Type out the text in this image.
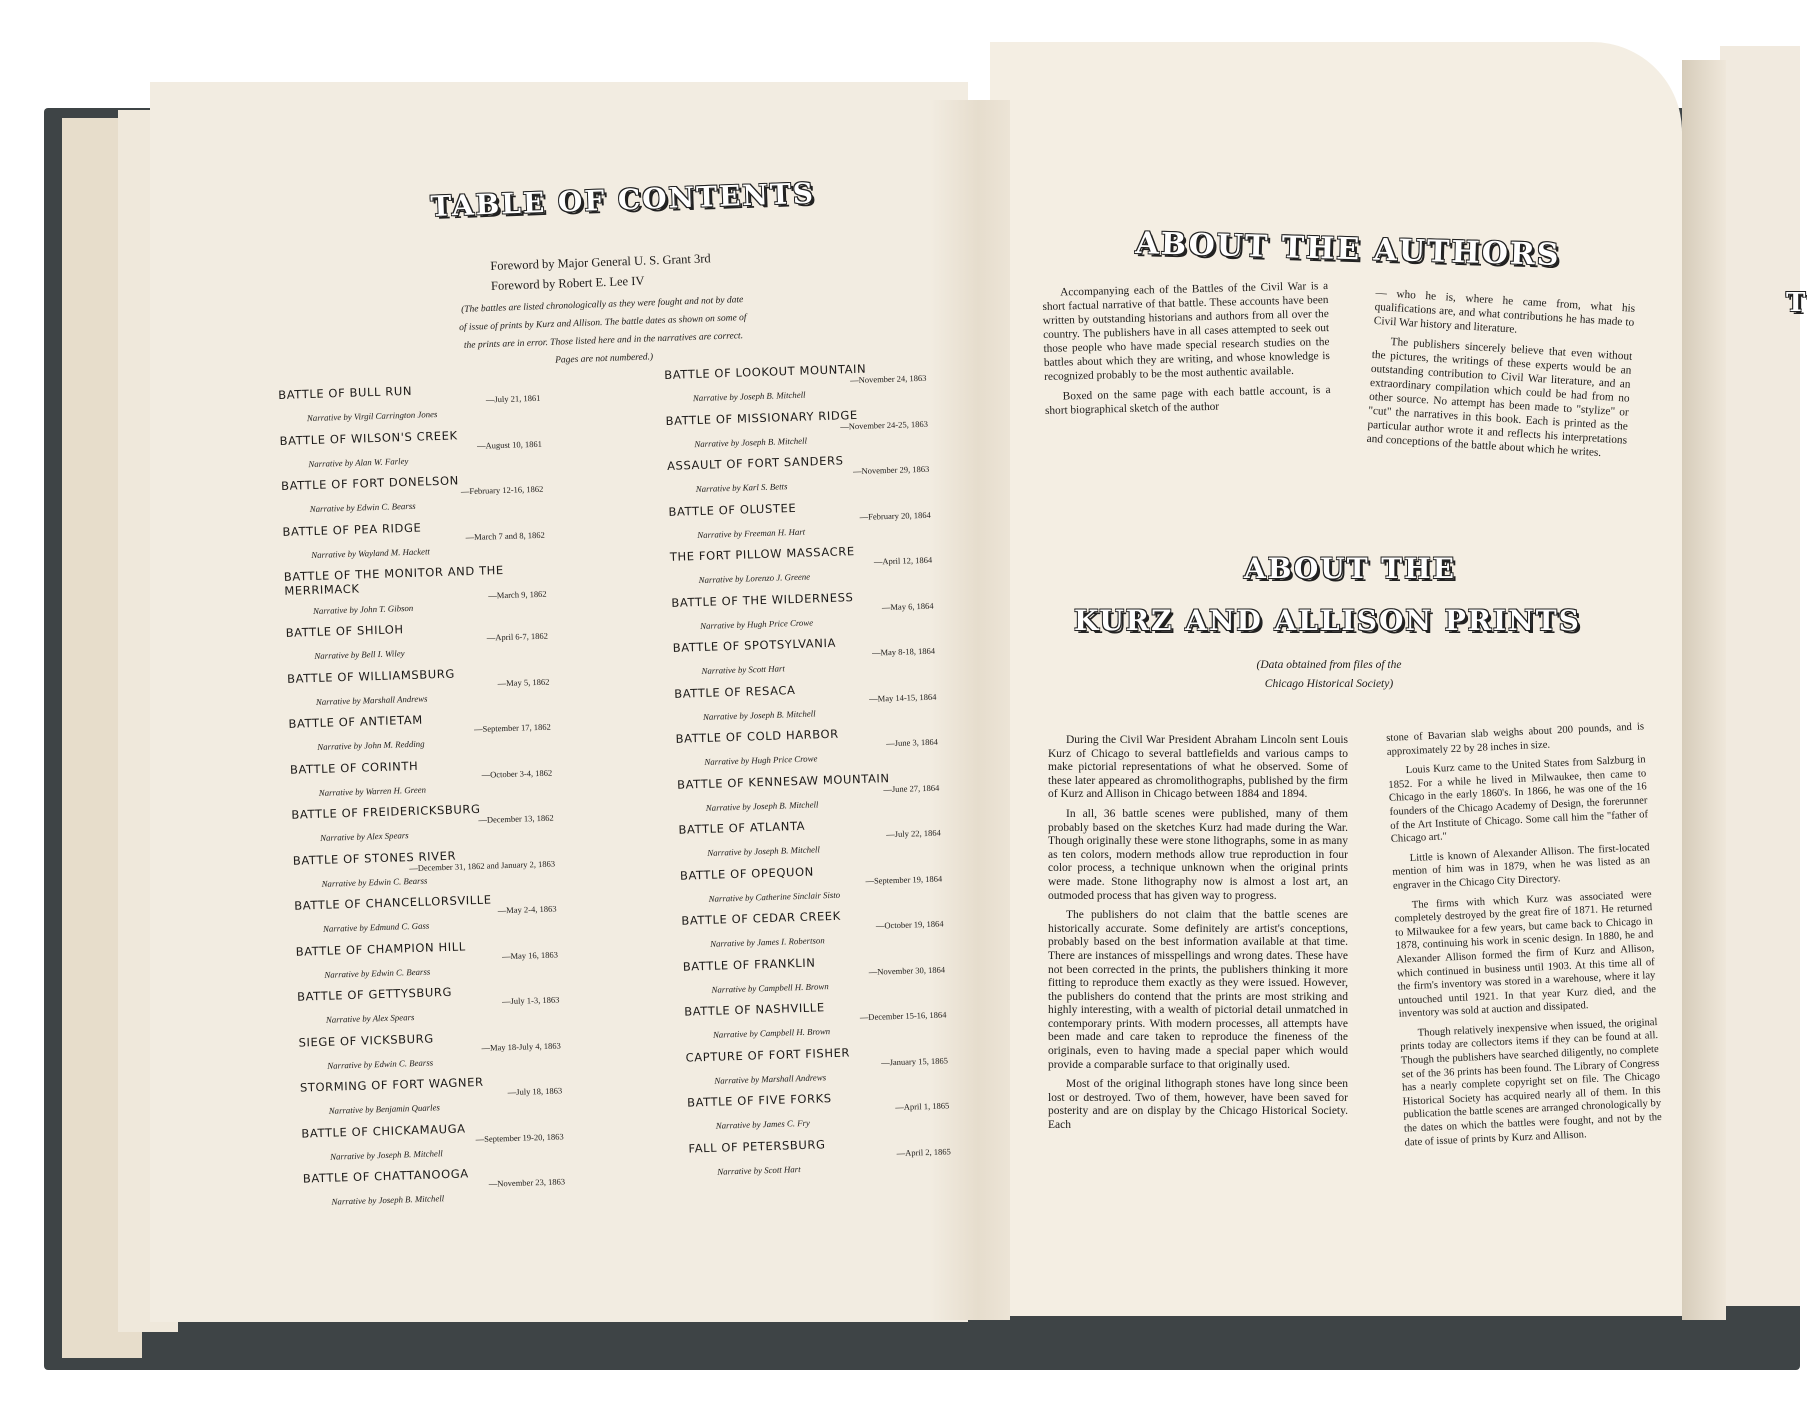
T
TABLE OF CONTENTS
Foreword by Major General U. S. Grant 3rd
Foreword by Robert E. Lee IV
(The battles are listed chronologically as they were fought and not by date
of issue of prints by Kurz and Allison. The battle dates as shown on some of
the prints are in error. Those listed here and in the narratives are correct.
Pages are not numbered.)
BATTLE OF BULL RUN	—July 21, 1861
Narrative by Virgil Carrington Jones
BATTLE OF WILSON'S CREEK	—August 10, 1861
Narrative by Alan W. Farley
BATTLE OF FORT DONELSON —February 12-16, 1862
Narrative by Edwin C. Bearss
BATTLE OF PEA RIDGE	—March 7 and 8, 1862
Narrative by Wayland M. Hackett
BATTLE OF THE MONITOR AND THE MERRIMACK	—March 9, 1862
Narrative by John T. Gibson
BATTLE OF SHILOH	—April 6-7, 1862
Narrative by Bell I. Wiley
BATTLE OF WILLIAMSBURG	—May 5, 1862
Narrative by Marshall Andrews
BATTLE OF ANTIETAM	—September 17, 1862
Narrative by John M. Redding
BATTLE OF CORINTH	—October 3-4, 1862
Narrative by Warren H. Green
BATTLE OF FREIDERICKSBURG
—December 13, 1862
Narrative by Alex Spears
BATTLE OF STONES RIVER
—December 31, 1862 and January 2, 1863
Narrative by Edwin C. Bearss
BATTLE OF CHANCELLORSVILLE —May 2-4, 1863
Narrative by Edmund C. Gass
BATTLE OF CHAMPION HILL	—May 16, 1863
Narrative by Edwin C. Bearss
BATTLE OF GETTYSBURG	—July 1-3, 1863
Narrative by Alex Spears
SIEGE OF VICKSBURG	—May 18-July 4, 1863
Narrative by Edwin C. Bearss
STORMING OF FORT WAGNER	—July 18, 1863
Narrative by Benjamin Quarles
BATTLE OF CHICKAMAUGA	—September 19-20, 1863
Narrative by Joseph B. Mitchell
BATTLE OF CHATTANOOGA	—November 23, 1863
Narrative by Joseph B. Mitchell
BATTLE OF LOOKOUT MOUNTAIN
—November 24, 1863
Narrative by Joseph B. Mitchell
BATTLE OF MISSIONARY RIDGE
—November 24-25, 1863
Narrative by Joseph B. Mitchell
ASSAULT OF FORT SANDERS	—November 29, 1863
Narrative by Karl S. Betts
BATTLE OF OLUSTEE	—February 20, 1864
Narrative by Freeman H. Hart
THE FORT PILLOW MASSACRE	—April 12, 1864
Narrative by Lorenzo J. Greene
BATTLE OF THE WILDERNESS	—May 6, 1864
Narrative by Hugh Price Crowe
BATTLE OF SPOTSYLVANIA	—May 8-18, 1864
Narrative by Scott Hart
BATTLE OF RESACA	—May 14-15, 1864
Narrative by Joseph B. Mitchell
BATTLE OF COLD HARBOR	—June 3, 1864
Narrative by Hugh Price Crowe
BATTLE OF KENNESAW MOUNTAIN
—June 27, 1864
Narrative by Joseph B. Mitchell
BATTLE OF ATLANTA	—July 22, 1864
Narrative by Joseph B. Mitchell
BATTLE OF OPEQUON	—September 19, 1864
Narrative by Catherine Sinclair Sisto
BATTLE OF CEDAR CREEK	—October 19, 1864
Narrative by James I. Robertson
BATTLE OF FRANKLIN	—November 30, 1864
Narrative by Campbell H. Brown
BATTLE OF NASHVILLE	—December 15-16, 1864
Narrative by Campbell H. Brown
CAPTURE OF FORT FISHER	—January 15, 1865
Narrative by Marshall Andrews
BATTLE OF FIVE FORKS	—April 1, 1865
Narrative by James C. Fry
FALL OF PETERSBURG	—April 2, 1865
Narrative by Scott Hart
ABOUT THE AUTHORS

Accompanying each of the Battles of the Civil War is a short factual narrative of that battle. These accounts have been written by outstanding historians and authors from all over the country. The publishers have in all cases attempted to seek out those people who have made special research studies on the battles about which they are writing, and whose knowledge is recognized probably to be the most authentic available.

Boxed on the same page with each battle account, is a short biographical sketch of the author

— who he is, where he came from, what his qualifications are, and what contributions he has made to Civil War history and literature.

The publishers sincerely believe that even without the pictures, the writings of these experts would be an outstanding contribution to Civil War literature, and an extraordinary compilation which could be had from no other source. No attempt has been made to "stylize" or "cut" the narratives in this book. Each is printed as the particular author wrote it and reflects his interpretations and conceptions of the battle about which he writes.

ABOUT THE
KURZ AND ALLISON PRINTS
(Data obtained from files of the
Chicago Historical Society)

During the Civil War President Abraham Lincoln sent Louis Kurz of Chicago to several battlefields and various camps to make pictorial representations of what he observed. Some of these later appeared as chromolithographs, published by the firm of Kurz and Allison in Chicago between 1884 and 1894.

In all, 36 battle scenes were published, many of them probably based on the sketches Kurz had made during the War. Though originally these were stone lithographs, some in as many as ten colors, modern methods allow true reproduction in four color process, a technique unknown when the original prints were made. Stone lithography now is almost a lost art, an outmoded process that has given way to progress.

The publishers do not claim that the battle scenes are historically accurate. Some definitely are artist's conceptions, probably based on the best information available at that time. There are instances of misspellings and wrong dates. These have not been corrected in the prints, the publishers thinking it more fitting to reproduce them exactly as they were issued. However, the publishers do contend that the prints are most striking and highly interesting, with a wealth of pictorial detail unmatched in contemporary prints. With modern processes, all attempts have been made and care taken to reproduce the fineness of the originals, even to having made a special paper which would provide a comparable surface to that originally used.

Most of the original lithograph stones have long since been lost or destroyed. Two of them, however, have been saved for posterity and are on display by the Chicago Historical Society. Each

stone of Bavarian slab weighs about 200 pounds, and is approximately 22 by 28 inches in size.

Louis Kurz came to the United States from Salzburg in 1852. For a while he lived in Milwaukee, then came to Chicago in the early 1860's. In 1866, he was one of the 16 founders of the Chicago Academy of Design, the forerunner of the Art Institute of Chicago. Some call him the "father of Chicago art."

Little is known of Alexander Allison. The first-located mention of him was in 1879, when he was listed as an engraver in the Chicago City Directory.

The firms with which Kurz was associated were completely destroyed by the great fire of 1871. He returned to Milwaukee for a few years, but came back to Chicago in 1878, continuing his work in scenic design. In 1880, he and Alexander Allison formed the firm of Kurz and Allison, which continued in business until 1903. At this time all of the firm's inventory was stored in a warehouse, where it lay untouched until 1921. In that year Kurz died, and the inventory was sold at auction and dissipated.

Though relatively inexpensive when issued, the original prints today are collectors items if they can be found at all. Though the publishers have searched diligently, no complete set of the 36 prints has been found. The Library of Congress has a nearly complete copyright set on file. The Chicago Historical Society has acquired nearly all of them. In this publication the battle scenes are arranged chronologically by the dates on which the battles were fought, and not by the date of issue of prints by Kurz and Allison.
